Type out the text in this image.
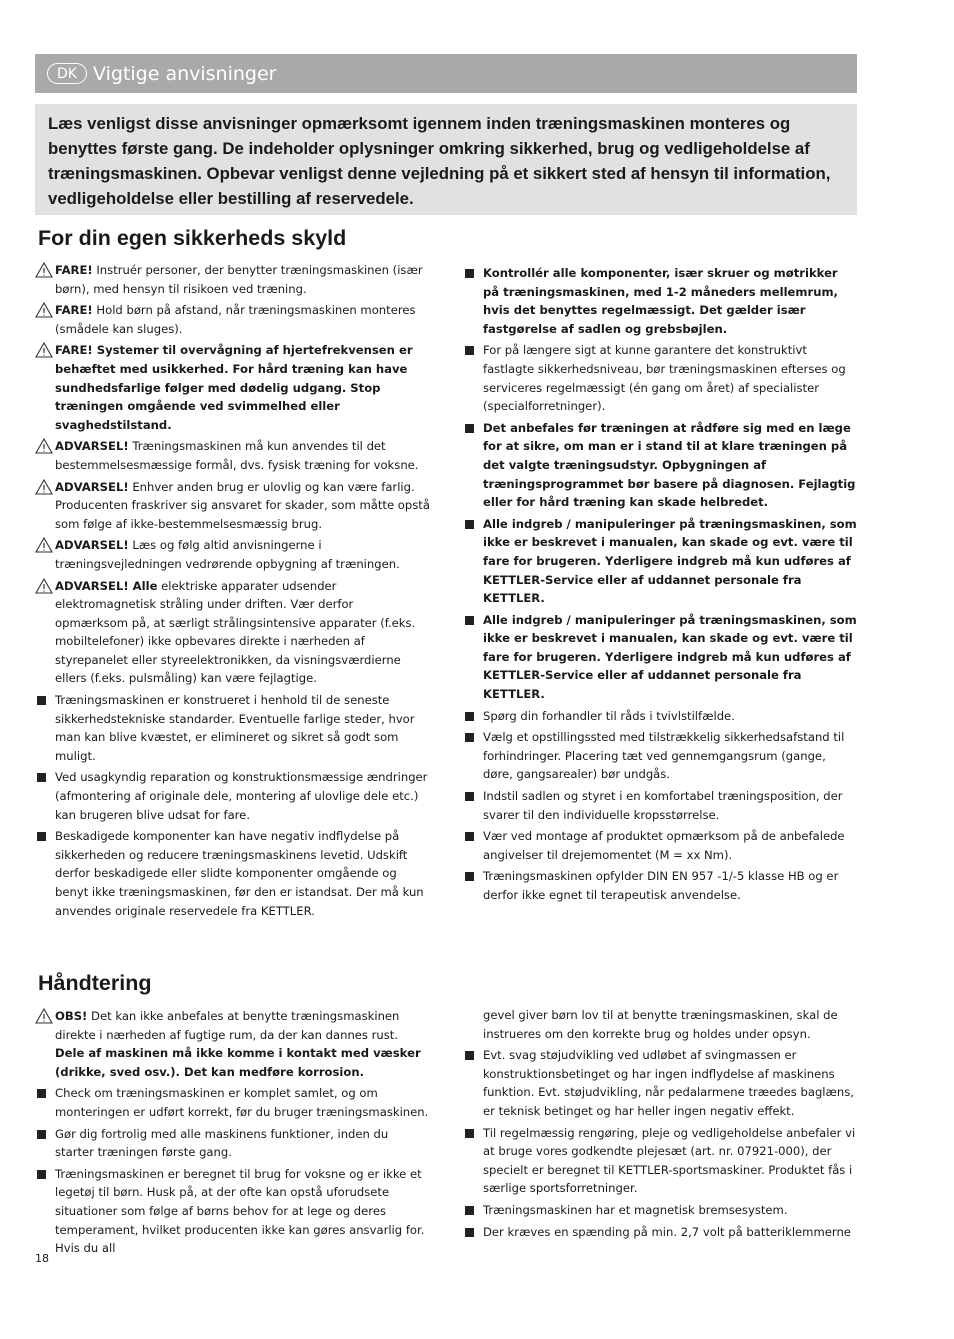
DK Vigtige anvisninger
Læs venligst disse anvisninger opmærksomt igennem inden træningsmaskinen monteres og benyttes første gang. De indeholder oplysninger omkring sikkerhed, brug og vedligeholdelse af træningsmaskinen. Opbevar venligst denne vejledning på et sikkert sted af hensyn til information, vedligeholdelse eller bestilling af reservedele.
For din egen sikkerheds skyld
FARE! Instruér personer, der benytter træningsmaskinen (især børn), med hensyn til risikoen ved træning.
FARE! Hold børn på afstand, når træningsmaskinen monteres (smådele kan sluges).
FARE! Systemer til overvågning af hjertefrekvensen er behæftet med usikkerhed. For hård træning kan have sundhedsfarlige følger med dødelig udgang. Stop træningen omgående ved svimmelhed eller svaghedstilstand.
ADVARSEL! Træningsmaskinen må kun anvendes til det bestemmelsesmæssige formål, dvs. fysisk træning for voksne.
ADVARSEL! Enhver anden brug er ulovlig og kan være farlig. Producenten fraskriver sig ansvaret for skader, som måtte opstå som følge af ikke-bestemmelsesmæssig brug.
ADVARSEL! Læs og følg altid anvisningerne i træningsvejledningen vedrørende opbygning af træningen.
ADVARSEL! Alle elektriske apparater udsender elektromagnetisk stråling under driften. Vær derfor opmærksom på, at særligt strålingsintensive apparater (f.eks. mobiltelefoner) ikke opbevares direkte i nærheden af styrepanelet eller styreelektronikken, da visningsværdierne ellers (f.eks. pulsmåling) kan være fejlagtige.
Træningsmaskinen er konstrueret i henhold til de seneste sikkerhedstekniske standarder. Eventuelle farlige steder, hvor man kan blive kvæstet, er elimineret og sikret så godt som muligt.
Ved usagkyndig reparation og konstruktionsmæssige ændringer (afmontering af originale dele, montering af ulovlige dele etc.) kan brugeren blive udsat for fare.
Beskadigede komponenter kan have negativ indflydelse på sikkerheden og reducere træningsmaskinens levetid. Udskift derfor beskadigede eller slidte komponenter omgående og benyt ikke træningsmaskinen, før den er istandsat. Der må kun anvendes originale reservedele fra KETTLER.
Kontrollér alle komponenter, især skruer og møtrikker på træningsmaskinen, med 1-2 måneders mellemrum, hvis det benyttes regelmæssigt. Det gælder især fastgørelse af sadlen og grebsbøjlen.
For på længere sigt at kunne garantere det konstruktivt fastlagte sikkerhedsniveau, bør træningsmaskinen efterses og serviceres regelmæssigt (én gang om året) af specialister (specialforretninger).
Det anbefales før træningen at rådføre sig med en læge for at sikre, om man er i stand til at klare træningen på det valgte træningsudstyr. Opbygningen af træningsprogrammet bør basere på diagnosen. Fejlagtig eller for hård træning kan skade helbredet.
Alle indgreb / manipuleringer på træningsmaskinen, som ikke er beskrevet i manualen, kan skade og evt. være til fare for brugeren. Yderligere indgreb må kun udføres af KETTLER-Service eller af uddannet personale fra KETTLER.
Alle indgreb / manipuleringer på træningsmaskinen, som ikke er beskrevet i manualen, kan skade og evt. være til fare for brugeren. Yderligere indgreb må kun udføres af KETTLER-Service eller af uddannet personale fra KETTLER.
Spørg din forhandler til råds i tvivlstilfælde.
Vælg et opstillingssted med tilstrækkelig sikkerhedsafstand til forhindringer. Placering tæt ved gennemgangsrum (gange, døre, gangsarealer) bør undgås.
Indstil sadlen og styret i en komfortabel træningsposition, der svarer til den individuelle kropsstørrelse.
Vær ved montage af produktet opmærksom på de anbefalede angivelser til drejemomentet (M = xx Nm).
Træningsmaskinen opfylder DIN EN 957 -1/-5 klasse HB og er derfor ikke egnet til terapeutisk anvendelse.
Håndtering
OBS! Det kan ikke anbefales at benytte træningsmaskinen direkte i nærheden af fugtige rum, da der kan dannes rust. Dele af maskinen må ikke komme i kontakt med væsker (drikke, sved osv.). Det kan medføre korrosion.
Check om træningsmaskinen er komplet samlet, og om monteringen er udført korrekt, før du bruger træningsmaskinen.
Gør dig fortrolig med alle maskinens funktioner, inden du starter træningen første gang.
Træningsmaskinen er beregnet til brug for voksne og er ikke et legetøj til børn. Husk på, at der ofte kan opstå uforudsete situationer som følge af børns behov for at lege og deres temperament, hvilket producenten ikke kan gøres ansvarlig for. Hvis du all
gevel giver børn lov til at benytte træningsmaskinen, skal de instrueres om den korrekte brug og holdes under opsyn.
Evt. svag støjudvikling ved udløbet af svingmassen er konstruktionsbetinget og har ingen indflydelse af maskinens funktion. Evt. støjudvikling, når pedalarmene træedes baglæns, er teknisk betinget og har heller ingen negativ effekt.
Til regelmæssig rengøring, pleje og vedligeholdelse anbefaler vi at bruge vores godkendte plejesæt (art. nr. 07921-000), der specielt er beregnet til KETTLER-sportsmaskiner. Produktet fås i særlige sportsforretninger.
Træningsmaskinen har et magnetisk bremsesystem.
Der kræves en spænding på min. 2,7 volt på batteriklemmerne
18
